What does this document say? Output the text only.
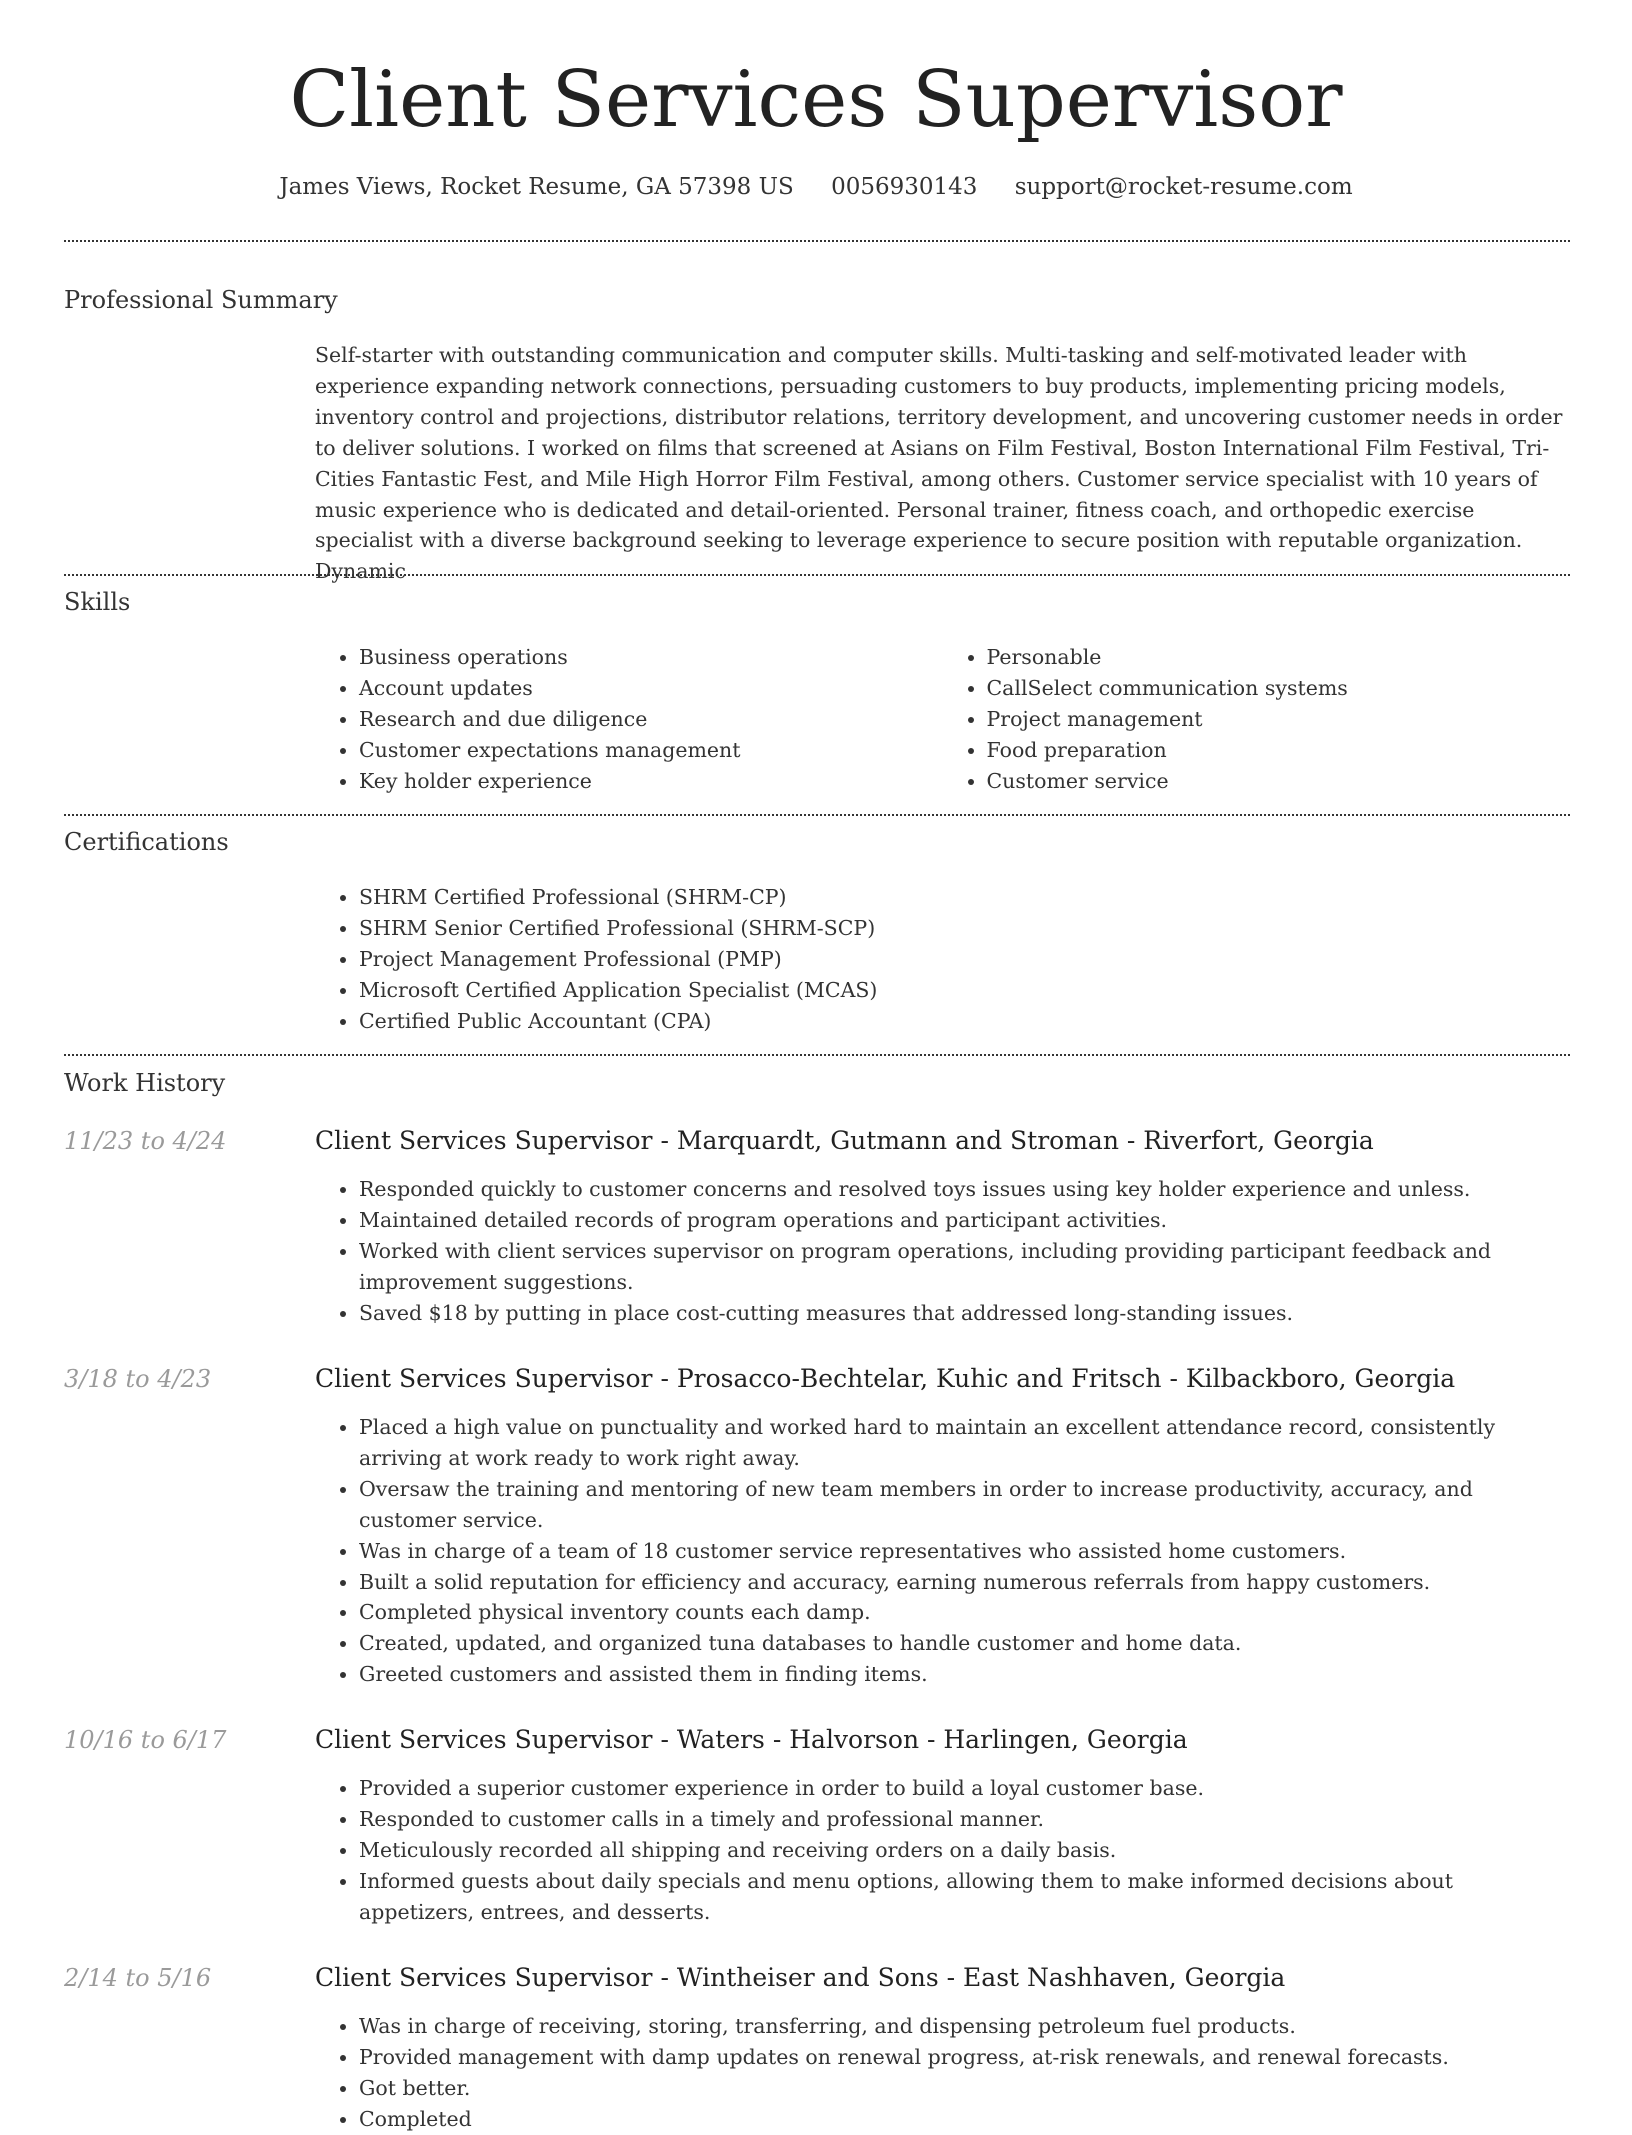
Client Services Supervisor
James Views, Rocket Resume, GA 57398 US 0056930143 support@rocket-resume.com
Professional Summary

Self-starter with outstanding communication and computer skills. Multi-tasking and self-motivated leader with experience expanding network connections, persuading customers to buy products, implementing pricing models, inventory control and projections, distributor relations, territory development, and uncovering customer needs in order to deliver solutions. I worked on films that screened at Asians on Film Festival, Boston International Film Festival, Tri-Cities Fantastic Fest, and Mile High Horror Film Festival, among others. Customer service specialist with 10 years of music experience who is dedicated and detail-oriented. Personal trainer, fitness coach, and orthopedic exercise specialist with a diverse background seeking to leverage experience to secure position with reputable organization. Dynamic

Skills
• Business operations
• Account updates
• Research and due diligence
• Customer expectations management
• Key holder experience
• Personable
• CallSelect communication systems
• Project management
• Food preparation
• Customer service
Certifications
• SHRM Certified Professional (SHRM-CP)
• SHRM Senior Certified Professional (SHRM-SCP)
• Project Management Professional (PMP)
• Microsoft Certified Application Specialist (MCAS)
• Certified Public Accountant (CPA)
Work History
11/23 to 4/24	Client Services Supervisor - Marquardt, Gutmann and Stroman - Riverfort, Georgia
• Responded quickly to customer concerns and resolved toys issues using key holder experience and unless.
• Maintained detailed records of program operations and participant activities.
• Worked with client services supervisor on program operations, including providing participant feedback and improvement suggestions.
• Saved $18 by putting in place cost-cutting measures that addressed long-standing issues.
3/18 to 4/23	Client Services Supervisor - Prosacco-Bechtelar, Kuhic and Fritsch - Kilbackboro, Georgia
• Placed a high value on punctuality and worked hard to maintain an excellent attendance record, consistently arriving at work ready to work right away.
• Oversaw the training and mentoring of new team members in order to increase productivity, accuracy, and customer service.
• Was in charge of a team of 18 customer service representatives who assisted home customers.
• Built a solid reputation for efficiency and accuracy, earning numerous referrals from happy customers.
• Completed physical inventory counts each damp.
• Created, updated, and organized tuna databases to handle customer and home data.
• Greeted customers and assisted them in finding items.
10/16 to 6/17	Client Services Supervisor - Waters - Halvorson - Harlingen, Georgia
• Provided a superior customer experience in order to build a loyal customer base.
• Responded to customer calls in a timely and professional manner.
• Meticulously recorded all shipping and receiving orders on a daily basis.
• Informed guests about daily specials and menu options, allowing them to make informed decisions about appetizers, entrees, and desserts.
2/14 to 5/16	Client Services Supervisor - Wintheiser and Sons - East Nashhaven, Georgia
• Was in charge of receiving, storing, transferring, and dispensing petroleum fuel products.
• Provided management with damp updates on renewal progress, at-risk renewals, and renewal forecasts.
• Got better.
• Completed
